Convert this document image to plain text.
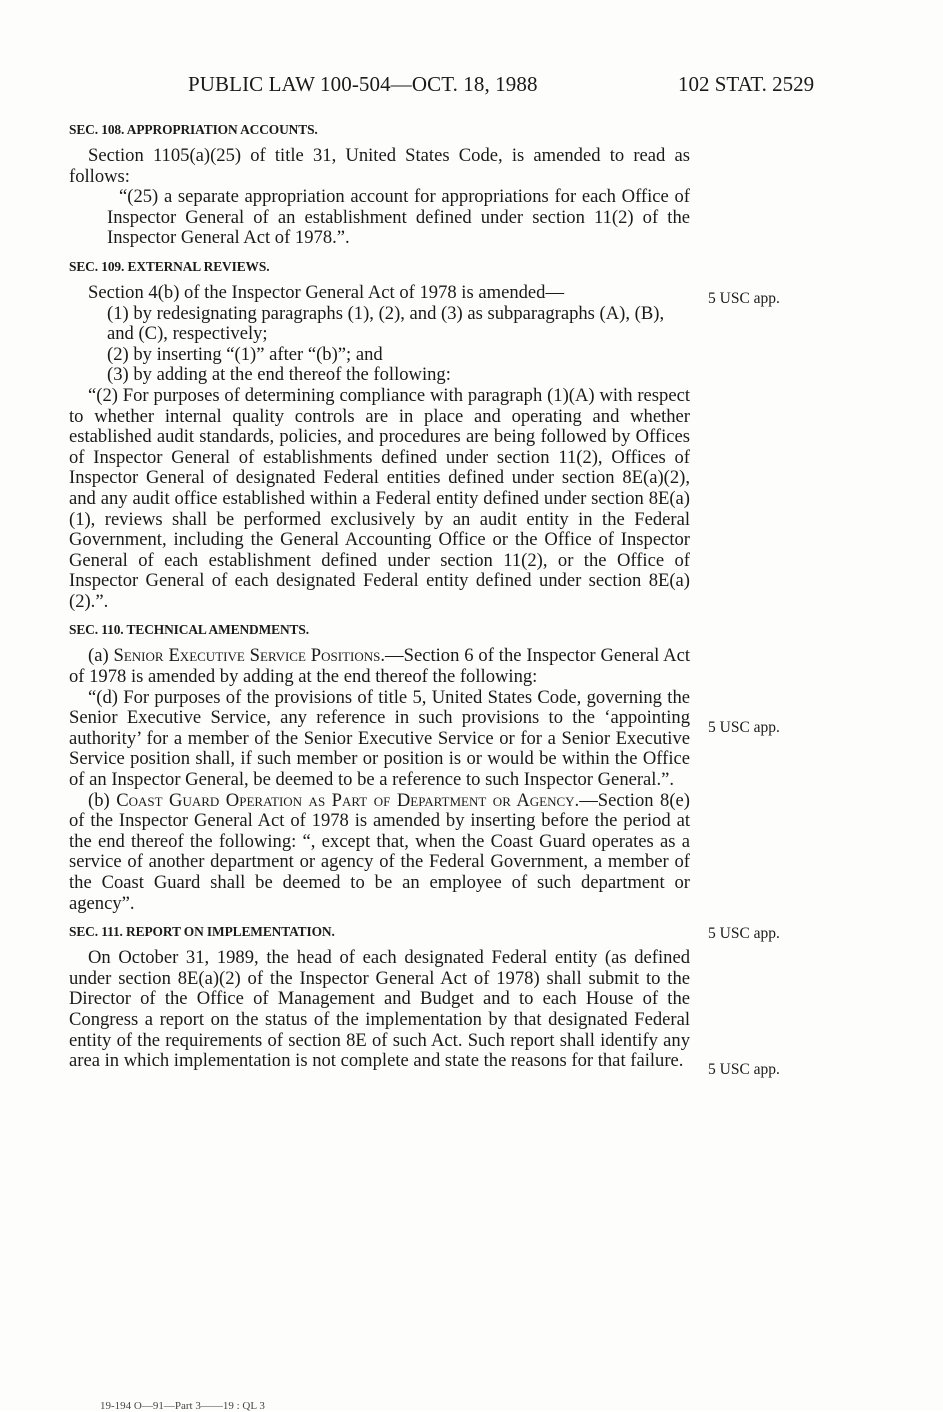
PUBLIC LAW 100-504—OCT. 18, 1988	102 STAT. 2529

SEC. 108. APPROPRIATION ACCOUNTS.

Section 1105(a)(25) of title 31, United States Code, is amended to read as follows:

“(25) a separate appropriation account for appropriations for each Office of Inspector General of an establishment defined under section 11(2) of the Inspector General Act of 1978.”.

SEC. 109. EXTERNAL REVIEWS.

Section 4(b) of the Inspector General Act of 1978 is amended—

(1) by redesignating paragraphs (1), (2), and (3) as subparagraphs (A), (B), and (C), respectively;

(2) by inserting “(1)” after “(b)”; and

(3) by adding at the end thereof the following:

“(2) For purposes of determining compliance with paragraph (1)(A) with respect to whether internal quality controls are in place and operating and whether established audit standards, policies, and procedures are being followed by Offices of Inspector General of establishments defined under section 11(2), Offices of Inspector General of designated Federal entities defined under section 8E(a)(2), and any audit office established within a Federal entity defined under section 8E(a)(1), reviews shall be performed exclusively by an audit entity in the Federal Government, including the General Accounting Office or the Office of Inspector General of each establishment defined under section 11(2), or the Office of Inspector General of each designated Federal entity defined under section 8E(a)(2).”.

SEC. 110. TECHNICAL AMENDMENTS.

(a) Senior Executive Service Positions.—Section 6 of the Inspector General Act of 1978 is amended by adding at the end thereof the following:

“(d) For purposes of the provisions of title 5, United States Code, governing the Senior Executive Service, any reference in such provisions to the ‘appointing authority’ for a member of the Senior Executive Service or for a Senior Executive Service position shall, if such member or position is or would be within the Office of an Inspector General, be deemed to be a reference to such Inspector General.”.

(b) Coast Guard Operation as Part of Department or Agency.—Section 8(e) of the Inspector General Act of 1978 is amended by inserting before the period at the end thereof the following: “, except that, when the Coast Guard operates as a service of another department or agency of the Federal Government, a member of the Coast Guard shall be deemed to be an employee of such department or agency”.

SEC. 111. REPORT ON IMPLEMENTATION.

On October 31, 1989, the head of each designated Federal entity (as defined under section 8E(a)(2) of the Inspector General Act of 1978) shall submit to the Director of the Office of Management and Budget and to each House of the Congress a report on the status of the implementation by that designated Federal entity of the requirements of section 8E of such Act. Such report shall identify any area in which implementation is not complete and state the reasons for that failure.

5 USC app.
5 USC app.
5 USC app.
5 USC app.
19-194 O—91—Part 3——19 : QL 3
